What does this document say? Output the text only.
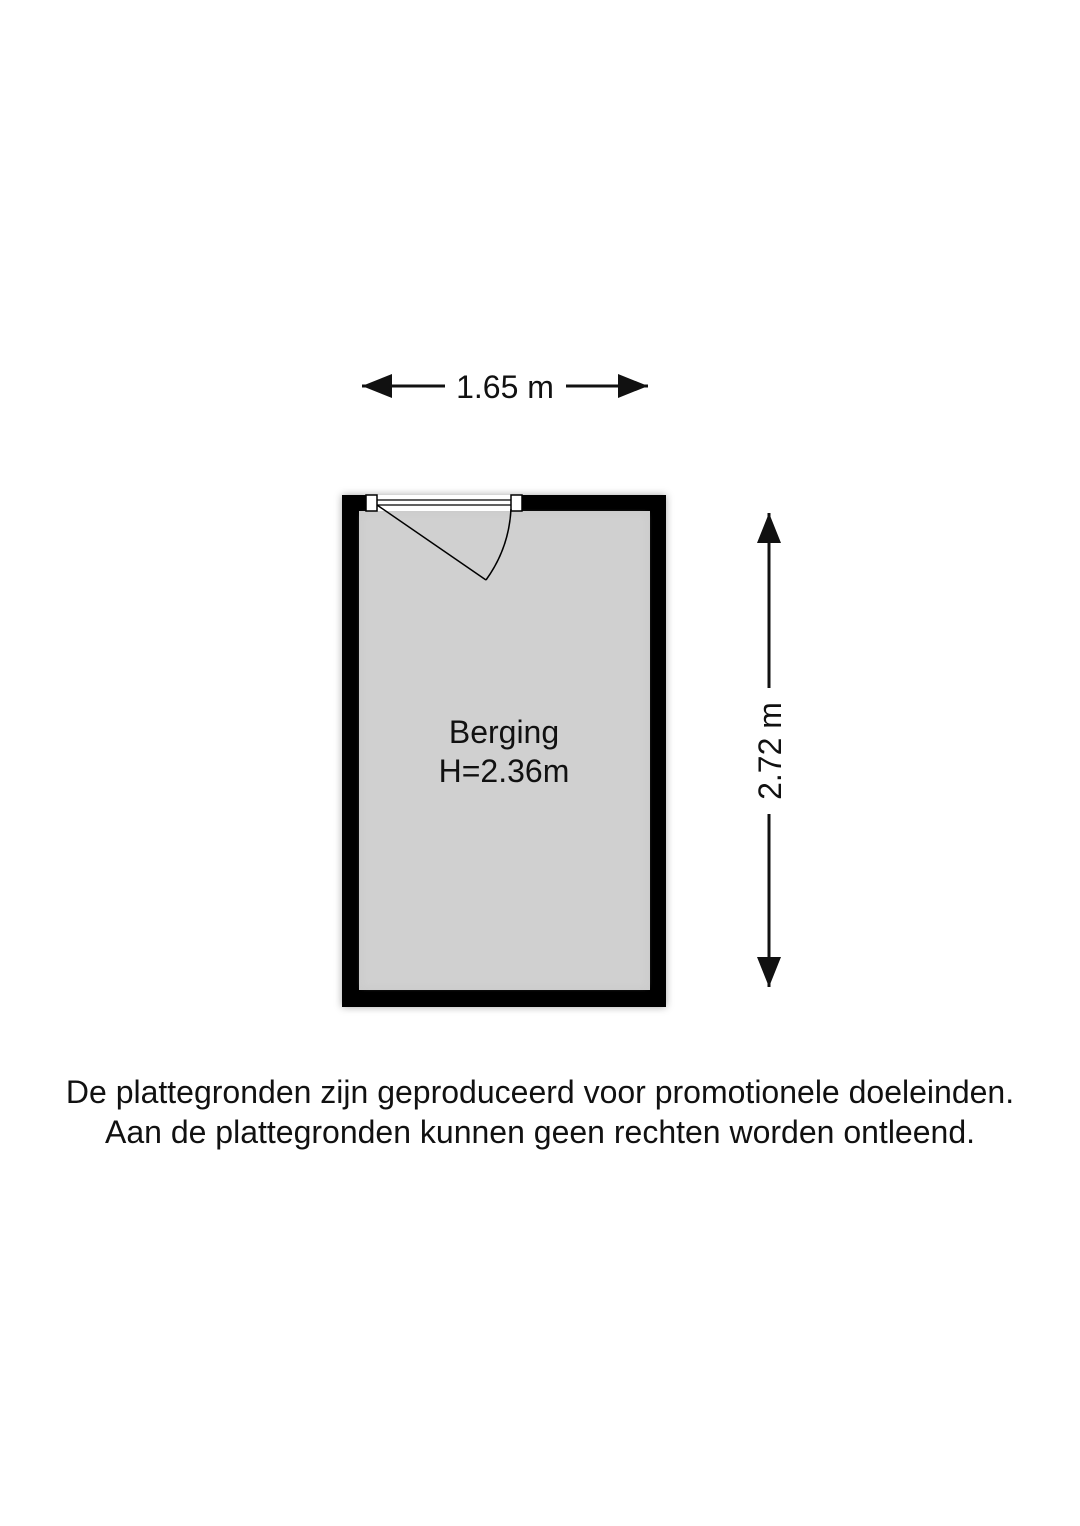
1.65 m
Berging
H=2.36m	2.72 m
De plattegronden zijn geproduceerd voor promotionele doeleinden.
Aan de plattegronden kunnen geen rechten worden ontleend.
